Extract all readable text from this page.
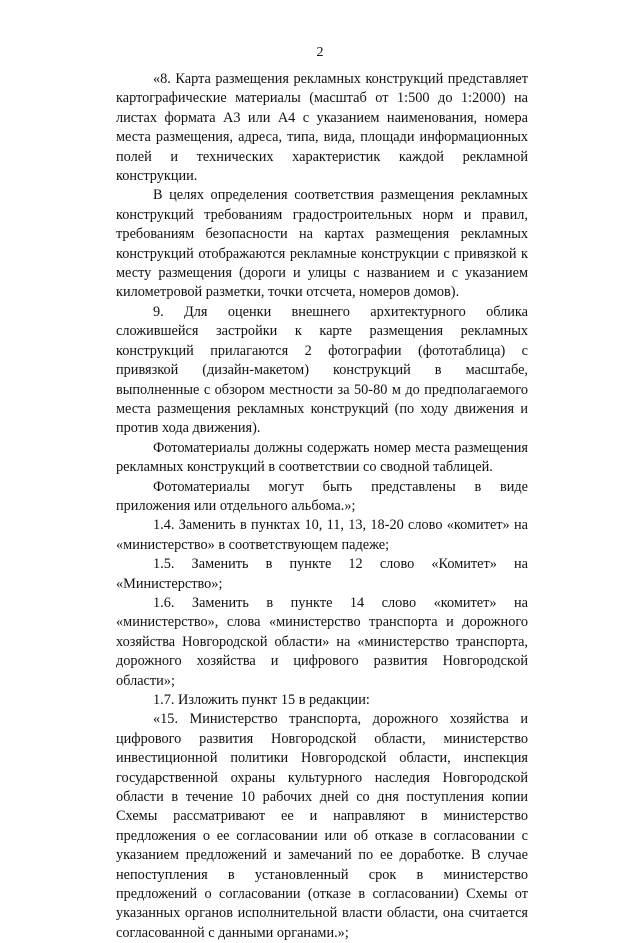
2

«8. Карта размещения рекламных конструкций представляет картографические материалы (масштаб от 1:500 до 1:2000) на листах формата А3 или А4 с указанием наименования, номера места размещения, адреса, типа, вида, площади информационных полей и технических характеристик каждой рекламной конструкции.

В целях определения соответствия размещения рекламных конструкций требованиям градостроительных норм и правил, требованиям безопасности на картах размещения рекламных конструкций отображаются рекламные конструкции с привязкой к месту размещения (дороги и улицы с названием и с указанием километровой разметки, точки отсчета, номеров домов).

9. Для оценки внешнего архитектурного облика сложившейся застройки к карте размещения рекламных конструкций прилагаются 2 фотографии (фототаблица) с привязкой (дизайн-макетом) конструкций в масштабе, выполненные с обзором местности за 50-80 м до предполагаемого места размещения рекламных конструкций (по ходу движения и против хода движения).

Фотоматериалы должны содержать номер места размещения рекламных конструкций в соответствии со сводной таблицей.

Фотоматериалы могут быть представлены в виде приложения или отдельного альбома.»;

1.4. Заменить в пунктах 10, 11, 13, 18-20 слово «комитет» на «министерство» в соответствующем падеже;

1.5. Заменить в пункте 12 слово «Комитет» на «Министерство»;

1.6. Заменить в пункте 14 слово «комитет» на «министерство», слова «министерство транспорта и дорожного хозяйства Новгородской области» на «министерство транспорта, дорожного хозяйства и цифрового развития Новгородской области»;

1.7. Изложить пункт 15 в редакции:

«15. Министерство транспорта, дорожного хозяйства и цифрового развития Новгородской области, министерство инвестиционной политики Новгородской области, инспекция государственной охраны культурного наследия Новгородской области в течение 10 рабочих дней со дня поступления копии Схемы рассматривают ее и направляют в министерство предложения о ее согласовании или об отказе в согласовании с указанием предложений и замечаний по ее доработке. В случае непоступления в установленный срок в министерство предложений о согласовании (отказе в согласовании) Схемы от указанных органов исполнительной власти области, она считается согласованной с данными органами.»;
